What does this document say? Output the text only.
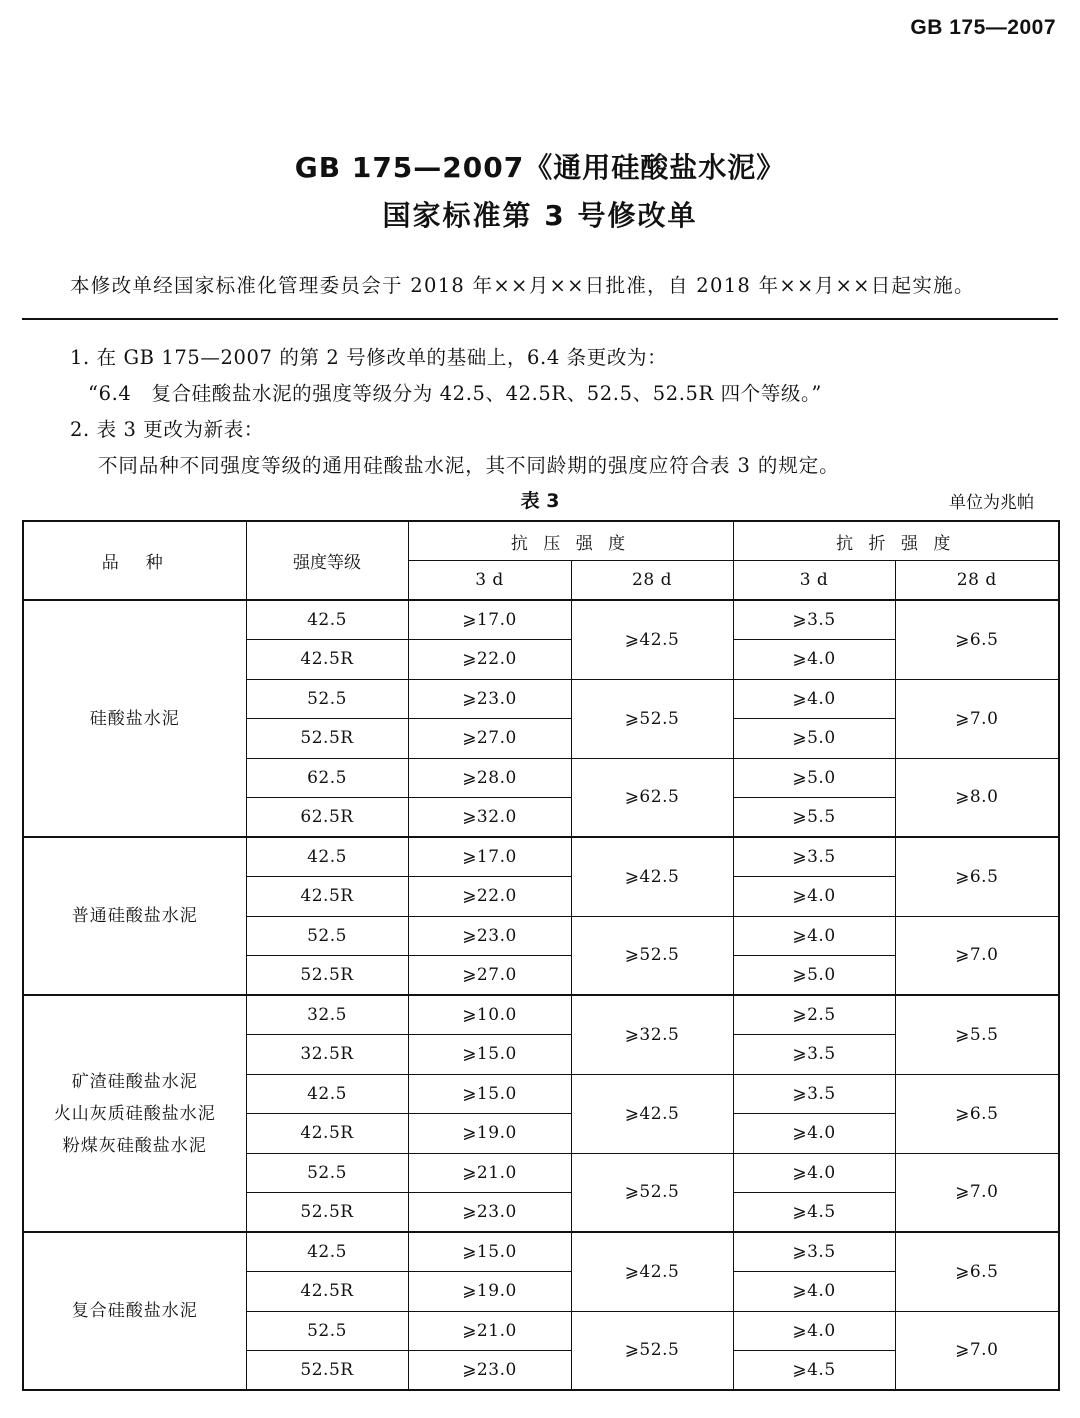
GB 175—2007
GB 175—2007《通用硅酸盐水泥》
国家标准第 3 号修改单
本修改单经国家标准化管理委员会于 2018 年××月××日批准，自 2018 年××月××日起实施。
1. 在 GB 175—2007 的第 2 号修改单的基础上，6.4 条更改为：
“6.4　复合硅酸盐水泥的强度等级分为 42.5、42.5R、52.5、52.5R 四个等级。”
2. 表 3 更改为新表：
不同品种不同强度等级的通用硅酸盐水泥，其不同龄期的强度应符合表 3 的规定。
表 3	单位为兆帕
品　种	强度等级	抗 压 强 度		抗 折 强 度	
		3 d	28 d	3 d	28 d

硅酸盐水泥	42.5	⩾17.0	⩾42.5	⩾3.5	⩾6.5
	42.5R	⩾22.0		⩾4.0	
	52.5	⩾23.0	⩾52.5	⩾4.0	⩾7.0
	52.5R	⩾27.0		⩾5.0	
	62.5	⩾28.0	⩾62.5	⩾5.0	⩾8.0
	62.5R	⩾32.0		⩾5.5	

普通硅酸盐水泥	42.5	⩾17.0	⩾42.5	⩾3.5	⩾6.5
	42.5R	⩾22.0		⩾4.0	
	52.5	⩾23.0	⩾52.5	⩾4.0	⩾7.0
	52.5R	⩾27.0		⩾5.0	

矿渣硅酸盐水泥
火山灰质硅酸盐水泥
粉煤灰硅酸盐水泥	32.5	⩾10.0	⩾32.5	⩾2.5	⩾5.5
	32.5R	⩾15.0		⩾3.5	
	42.5	⩾15.0	⩾42.5	⩾3.5	⩾6.5
	42.5R	⩾19.0		⩾4.0	
	52.5	⩾21.0	⩾52.5	⩾4.0	⩾7.0
	52.5R	⩾23.0		⩾4.5	

复合硅酸盐水泥	42.5	⩾15.0	⩾42.5	⩾3.5	⩾6.5
	42.5R	⩾19.0		⩾4.0	
	52.5	⩾21.0	⩾52.5	⩾4.0	⩾7.0
	52.5R	⩾23.0		⩾4.5	
